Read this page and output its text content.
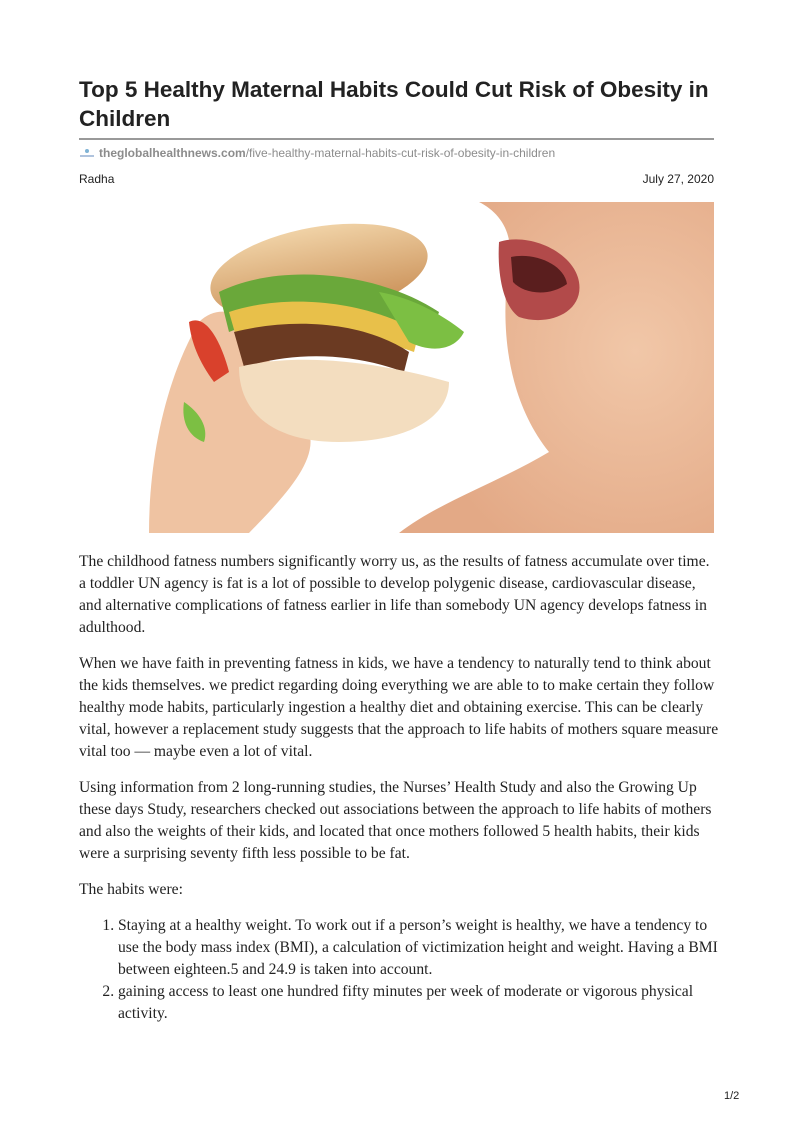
Top 5 Healthy Maternal Habits Could Cut Risk of Obesity in Children
theglobalhealthnews.com /five-healthy-maternal-habits-cut-risk-of-obesity-in-children
Radha	July 27, 2020

The childhood fatness numbers significantly worry us, as the results of fatness accumulate over time. a toddler UN agency is fat is a lot of possible to develop polygenic disease, cardiovascular disease, and alternative complications of fatness earlier in life than somebody UN agency develops fatness in adulthood.

When we have faith in preventing fatness in kids, we have a tendency to naturally tend to think about the kids themselves. we predict regarding doing everything we are able to to make certain they follow healthy mode habits, particularly ingestion a healthy diet and obtaining exercise. This can be clearly vital, however a replacement study suggests that the approach to life habits of mothers square measure vital too — maybe even a lot of vital.

Using information from 2 long-running studies, the Nurses’ Health Study and also the Growing Up these days Study, researchers checked out associations between the approach to life habits of mothers and also the weights of their kids, and located that once mothers followed 5 health habits, their kids were a surprising seventy fifth less possible to be fat.

The habits were:

1. Staying at a healthy weight. To work out if a person’s weight is healthy, we have a tendency to use the body mass index (BMI), a calculation of victimization height and weight. Having a BMI between eighteen.5 and 24.9 is taken into account.
2. gaining access to least one hundred fifty minutes per week of moderate or vigorous physical activity.
1/2
